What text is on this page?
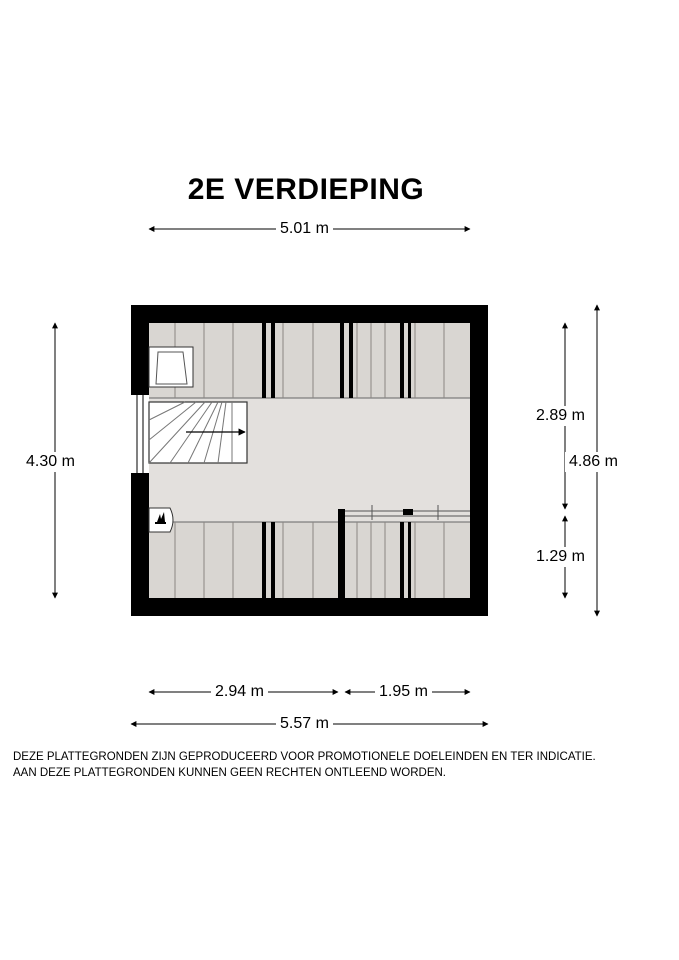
2E VERDIEPING
5.01 m
4.30 m
2.89 m
1.29 m
4.86 m
2.94 m	1.95 m
5.57 m
DEZE PLATTEGRONDEN ZIJN GEPRODUCEERD VOOR PROMOTIONELE DOELEINDEN EN TER INDICATIE.
AAN DEZE PLATTEGRONDEN KUNNEN GEEN RECHTEN ONTLEEND WORDEN.
